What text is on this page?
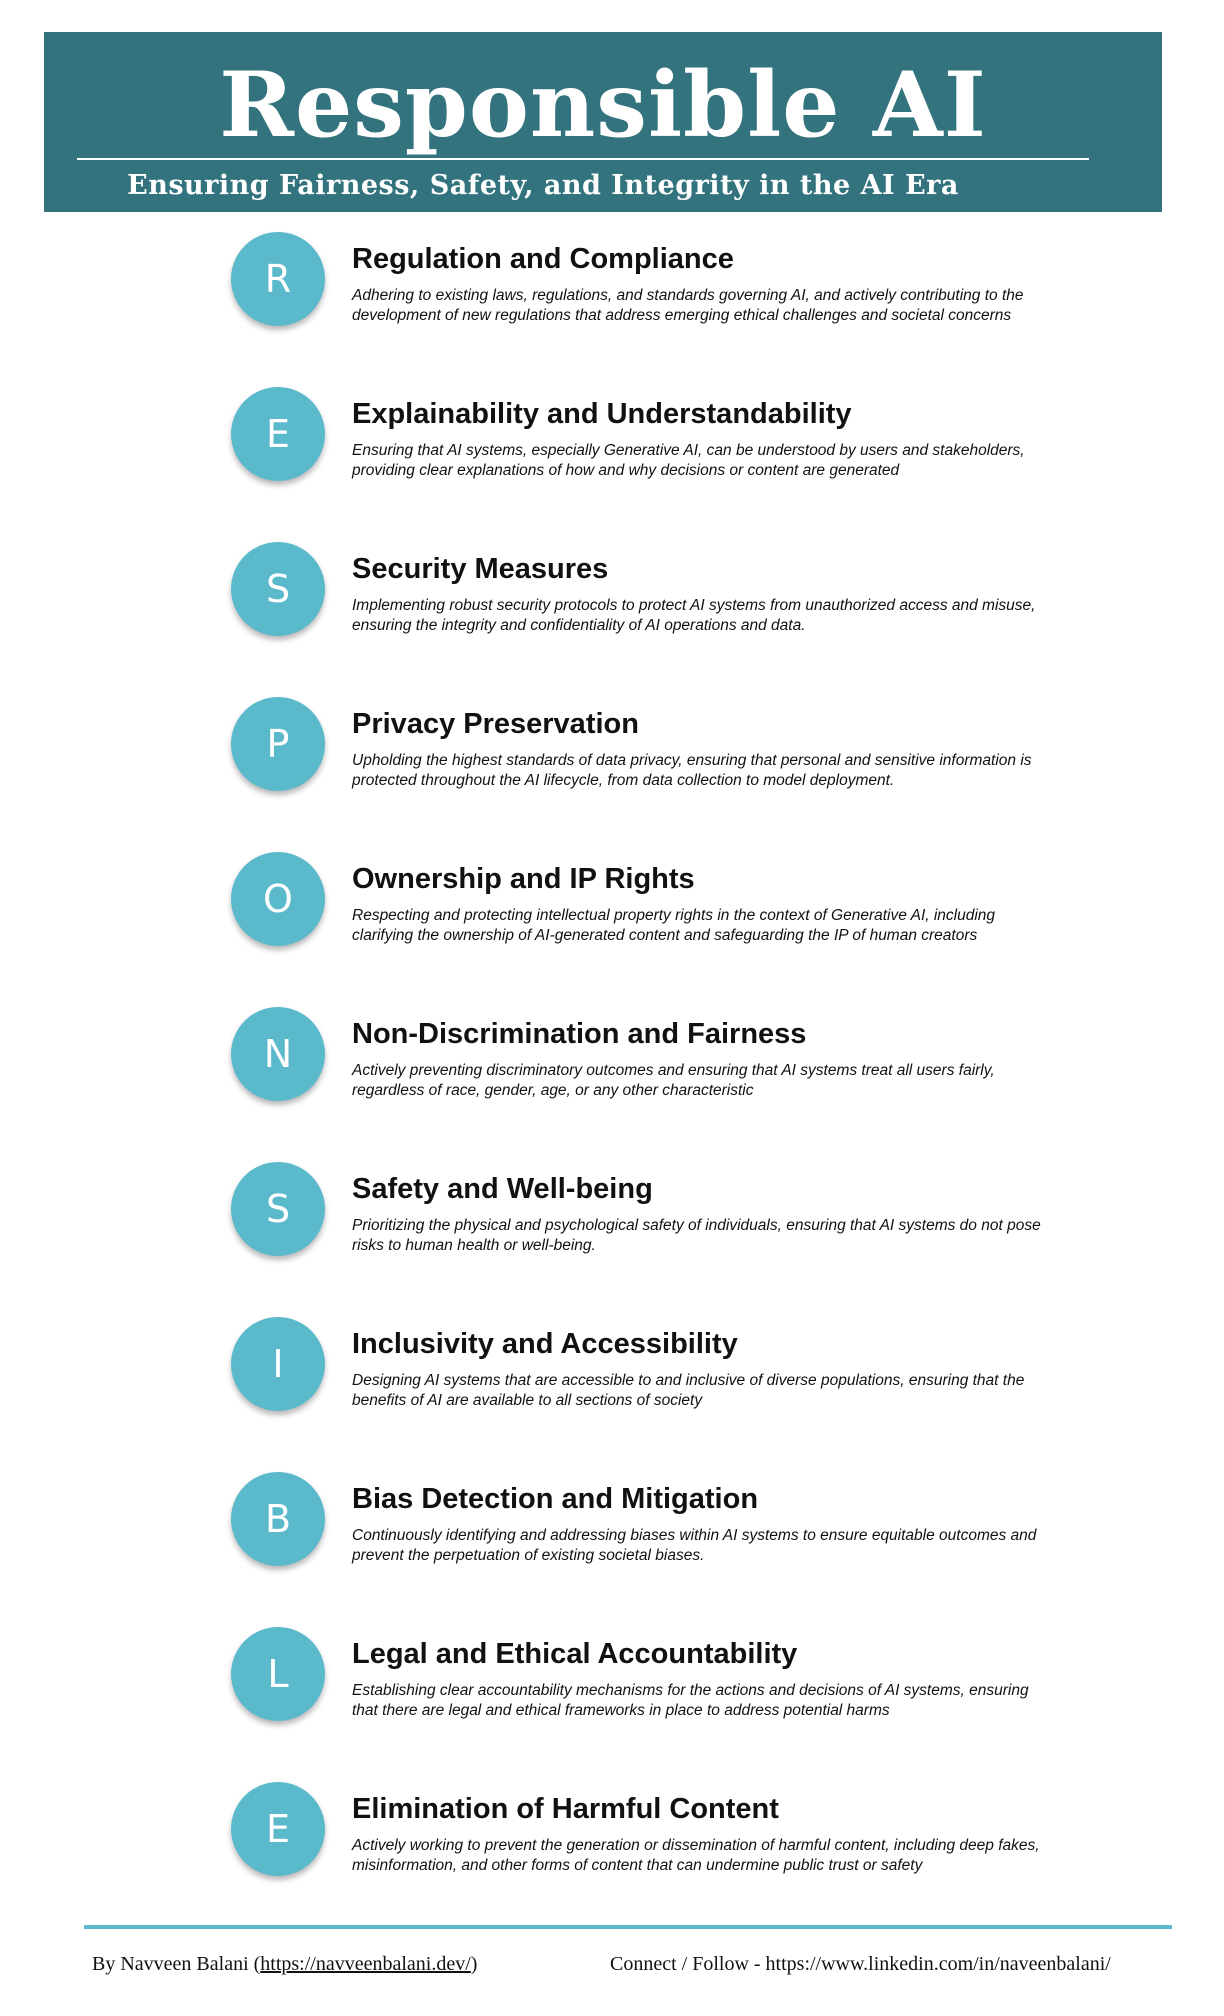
Responsible AI
Ensuring Fairness, Safety, and Integrity in the AI Era
R	Regulation and Compliance
Adhering to existing laws, regulations, and standards governing AI, and actively contributing to the development of new regulations that address emerging ethical challenges and societal concerns
E	Explainability and Understandability
Ensuring that AI systems, especially Generative AI, can be understood by users and stakeholders, providing clear explanations of how and why decisions or content are generated
S	Security Measures
Implementing robust security protocols to protect AI systems from unauthorized access and misuse, ensuring the integrity and confidentiality of AI operations and data.
P	Privacy Preservation
Upholding the highest standards of data privacy, ensuring that personal and sensitive information is protected throughout the AI lifecycle, from data collection to model deployment.
O	Ownership and IP Rights
Respecting and protecting intellectual property rights in the context of Generative AI, including clarifying the ownership of AI-generated content and safeguarding the IP of human creators
N	Non-Discrimination and Fairness
Actively preventing discriminatory outcomes and ensuring that AI systems treat all users fairly, regardless of race, gender, age, or any other characteristic
S	Safety and Well-being
Prioritizing the physical and psychological safety of individuals, ensuring that AI systems do not pose risks to human health or well-being.
I	Inclusivity and Accessibility
Designing AI systems that are accessible to and inclusive of diverse populations, ensuring that the benefits of AI are available to all sections of society
B	Bias Detection and Mitigation
Continuously identifying and addressing biases within AI systems to ensure equitable outcomes and prevent the perpetuation of existing societal biases.
L	Legal and Ethical Accountability
Establishing clear accountability mechanisms for the actions and decisions of AI systems, ensuring that there are legal and ethical frameworks in place to address potential harms
E	Elimination of Harmful Content
Actively working to prevent the generation or dissemination of harmful content, including deep fakes, misinformation, and other forms of content that can undermine public trust or safety
By Navveen Balani (https://navveenbalani.dev/)	Connect / Follow - https://www.linkedin.com/in/naveenbalani/
